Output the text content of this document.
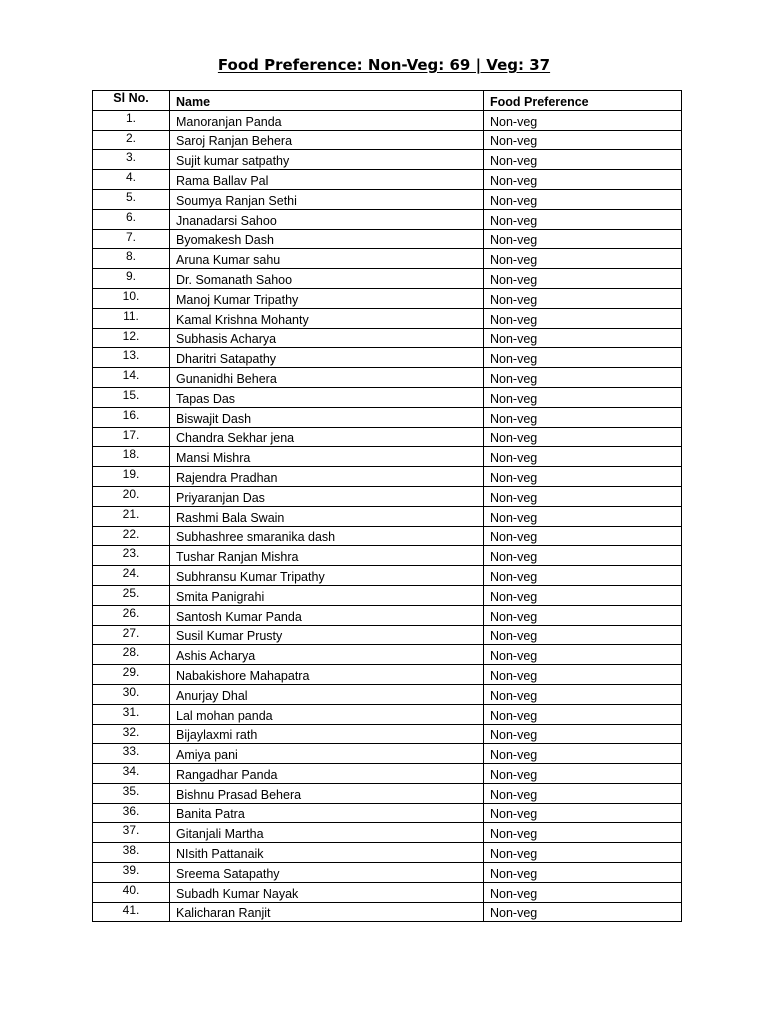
Food Preference: Non-Veg: 69 | Veg: 37
Sl No.	Name	Food Preference
1.	Manoranjan Panda	Non-veg
2.	Saroj Ranjan Behera	Non-veg
3.	Sujit kumar satpathy	Non-veg
4.	Rama Ballav Pal	Non-veg
5.	Soumya Ranjan Sethi	Non-veg
6.	Jnanadarsi Sahoo	Non-veg
7.	Byomakesh Dash	Non-veg
8.	Aruna Kumar sahu	Non-veg
9.	Dr. Somanath Sahoo	Non-veg
10.	Manoj Kumar Tripathy	Non-veg
11.	Kamal Krishna Mohanty	Non-veg
12.	Subhasis Acharya	Non-veg
13.	Dharitri Satapathy	Non-veg
14.	Gunanidhi Behera	Non-veg
15.	Tapas Das	Non-veg
16.	Biswajit Dash	Non-veg
17.	Chandra Sekhar jena	Non-veg
18.	Mansi Mishra	Non-veg
19.	Rajendra Pradhan	Non-veg
20.	Priyaranjan Das	Non-veg
21.	Rashmi Bala Swain	Non-veg
22.	Subhashree smaranika dash	Non-veg
23.	Tushar Ranjan Mishra	Non-veg
24.	Subhransu Kumar Tripathy	Non-veg
25.	Smita Panigrahi	Non-veg
26.	Santosh Kumar Panda	Non-veg
27.	Susil Kumar Prusty	Non-veg
28.	Ashis Acharya	Non-veg
29.	Nabakishore Mahapatra	Non-veg
30.	Anurjay Dhal	Non-veg
31.	Lal mohan panda	Non-veg
32.	Bijaylaxmi rath	Non-veg
33.	Amiya pani	Non-veg
34.	Rangadhar Panda	Non-veg
35.	Bishnu Prasad Behera	Non-veg
36.	Banita Patra	Non-veg
37.	Gitanjali Martha	Non-veg
38.	NIsith Pattanaik	Non-veg
39.	Sreema Satapathy	Non-veg
40.	Subadh Kumar Nayak	Non-veg
41.	Kalicharan Ranjit	Non-veg
